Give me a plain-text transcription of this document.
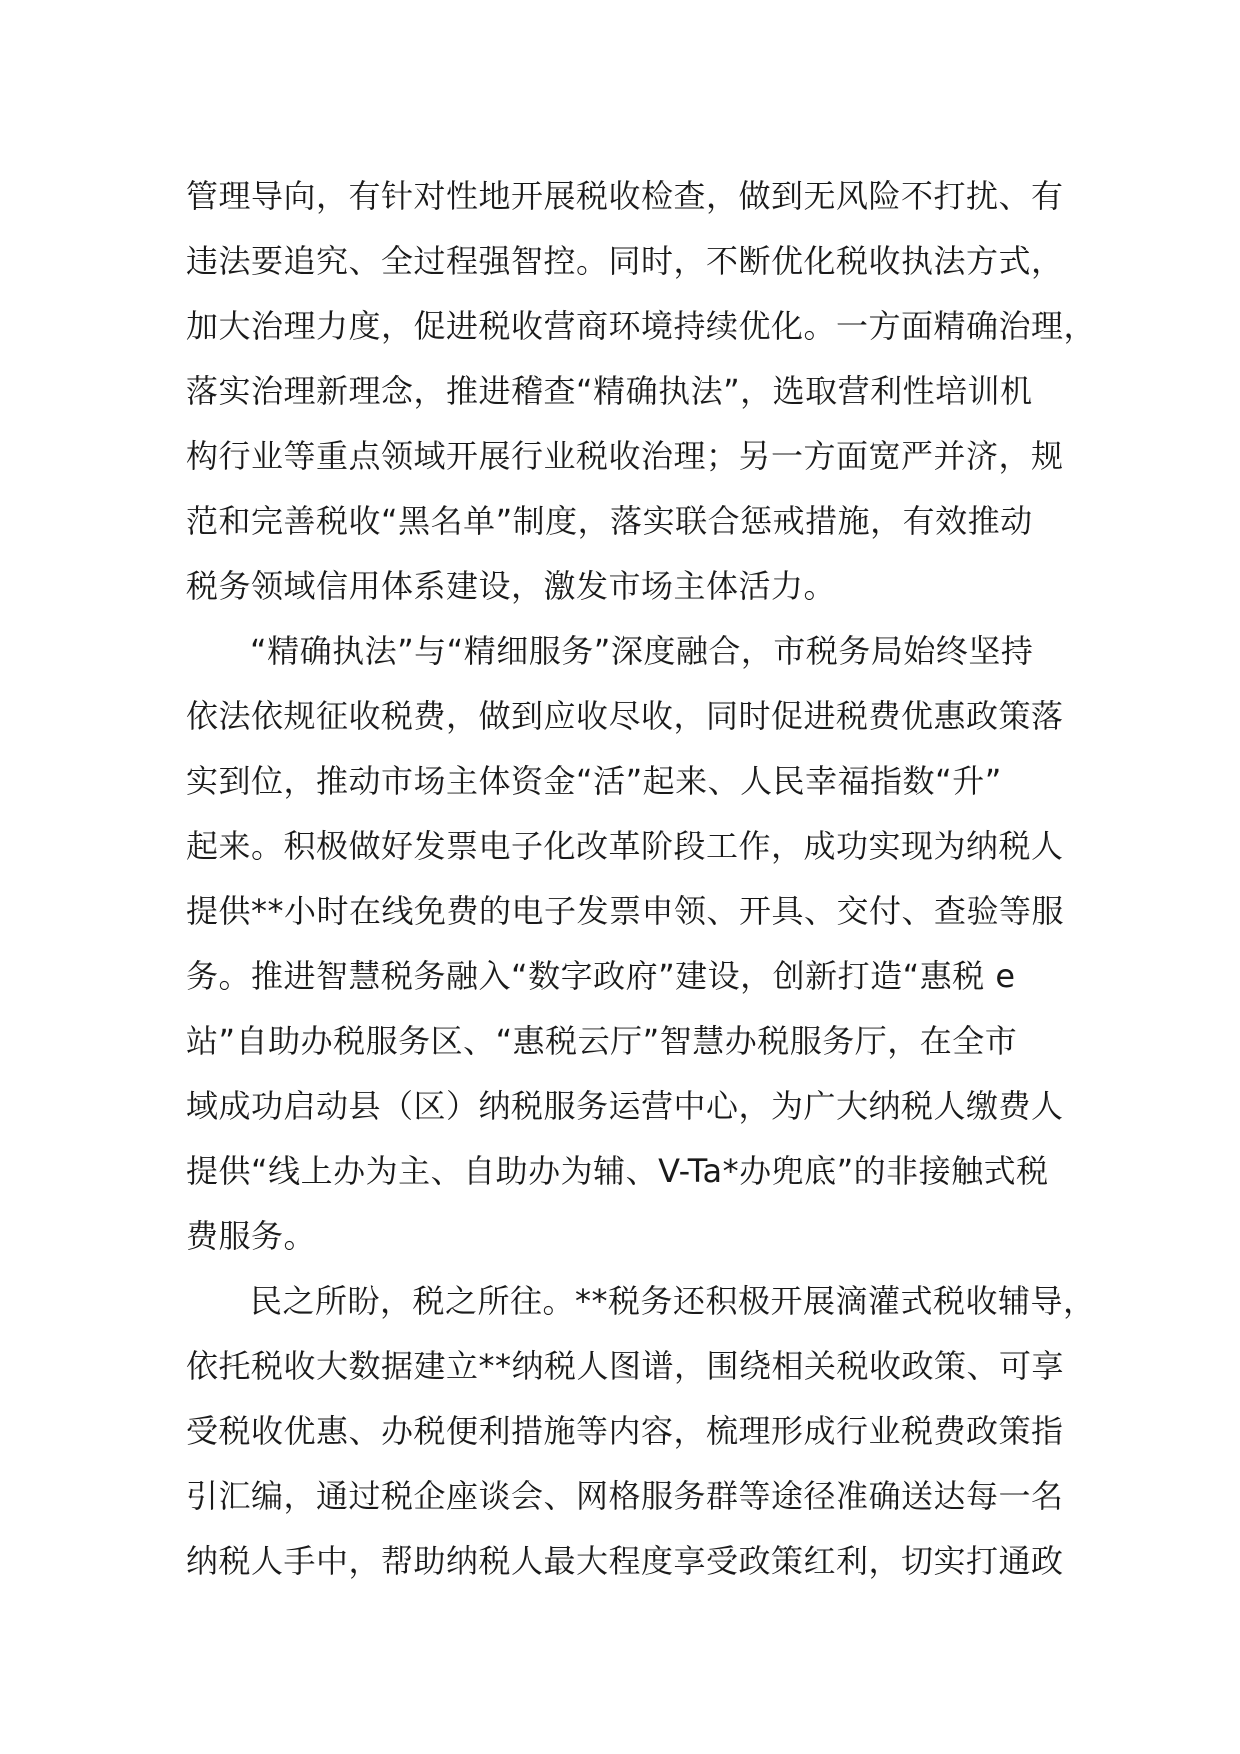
管理导向，有针对性地开展税收检查，做到无风险不打扰、有
违法要追究、全过程强智控。同时，不断优化税收执法方式，
加大治理力度，促进税收营商环境持续优化。一方面精确治理，
落实治理新理念，推进稽查“精确执法”，选取营利性培训机
构行业等重点领域开展行业税收治理；另一方面宽严并济，规
范和完善税收“黑名单”制度，落实联合惩戒措施，有效推动
税务领域信用体系建设，激发市场主体活力。
“精确执法”与“精细服务”深度融合，市税务局始终坚持
依法依规征收税费，做到应收尽收，同时促进税费优惠政策落
实到位，推动市场主体资金“活”起来、人民幸福指数“升”
起来。积极做好发票电子化改革阶段工作，成功实现为纳税人
提供**小时在线免费的电子发票申领、开具、交付、查验等服
务。推进智慧税务融入“数字政府”建设，创新打造“惠税 e
站”自助办税服务区、“惠税云厅”智慧办税服务厅，在全市
域成功启动县（区）纳税服务运营中心，为广大纳税人缴费人
提供“线上办为主、自助办为辅、V-Ta*办兜底”的非接触式税
费服务。
民之所盼，税之所往。**税务还积极开展滴灌式税收辅导，
依托税收大数据建立**纳税人图谱，围绕相关税收政策、可享
受税收优惠、办税便利措施等内容，梳理形成行业税费政策指
引汇编，通过税企座谈会、网格服务群等途径准确送达每一名
纳税人手中，帮助纳税人最大程度享受政策红利，切实打通政
